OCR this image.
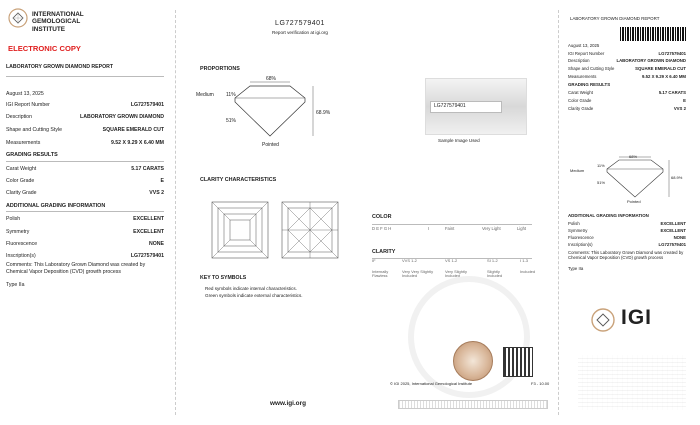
INTERNATIONAL
GEMOLOGICAL
INSTITUTE
ELECTRONIC COPY
LABORATORY GROWN DIAMOND REPORT
August 13, 2025
IGI Report Number	LG727579401
Description	LABORATORY GROWN DIAMOND
Shape and Cutting Style	SQUARE EMERALD CUT
Measurements	9.52 X 9.29 X 6.40 MM
GRADING RESULTS
Carat Weight	5.17 CARATS
Color Grade	E
Clarity Grade	VVS 2
ADDITIONAL GRADING INFORMATION
Polish	EXCELLENT
Symmetry	EXCELLENT
Fluorescence	NONE
Inscription(s)	LG727579401
Comments: This Laboratory Grown Diamond was created by Chemical Vapor Deposition (CVD) growth process
Type IIa
LG727579401
Report verification at igi.org
PROPORTIONS
68%
Medium 11%
51%
68.9%
Pointed
LG727579401
Sample Image Used
CLARITY CHARACTERISTICS
KEY TO SYMBOLS
Red symbols indicate internal characteristics.
Green symbols indicate external characteristics.
COLOR
D E F G H	I	Faint	Very Light	Light
CLARITY
IF
Internally Flawless
VVS 1-2
Very Very Slightly Included
VS 1-2
Very Slightly Included
SI 1-2
Slightly Included
I 1-3
Included
© IGI 2025, International Gemological Institute	F3 - 10.00
www.igi.org
LABORATORY GROWN DIAMOND REPORT
August 13, 2025
IGI Report Number	LG727579401
Description	LABORATORY GROWN DIAMOND
Shape and Cutting Style	SQUARE EMERALD CUT
Measurements	9.52 X 9.29 X 6.40 MM
GRADING RESULTS
Carat Weight	5.17 CARATS
Color Grade	E
Clarity Grade	VVS 2
68%
11%
Medium
51%
68.9%
Pointed
ADDITIONAL GRADING INFORMATION
Polish	EXCELLENT
Symmetry	EXCELLENT
Fluorescence	NONE
Inscription(s)	LG727579401
Comments: This Laboratory Grown Diamond was created by Chemical Vapor Deposition (CVD) growth process
Type IIa
IGI
